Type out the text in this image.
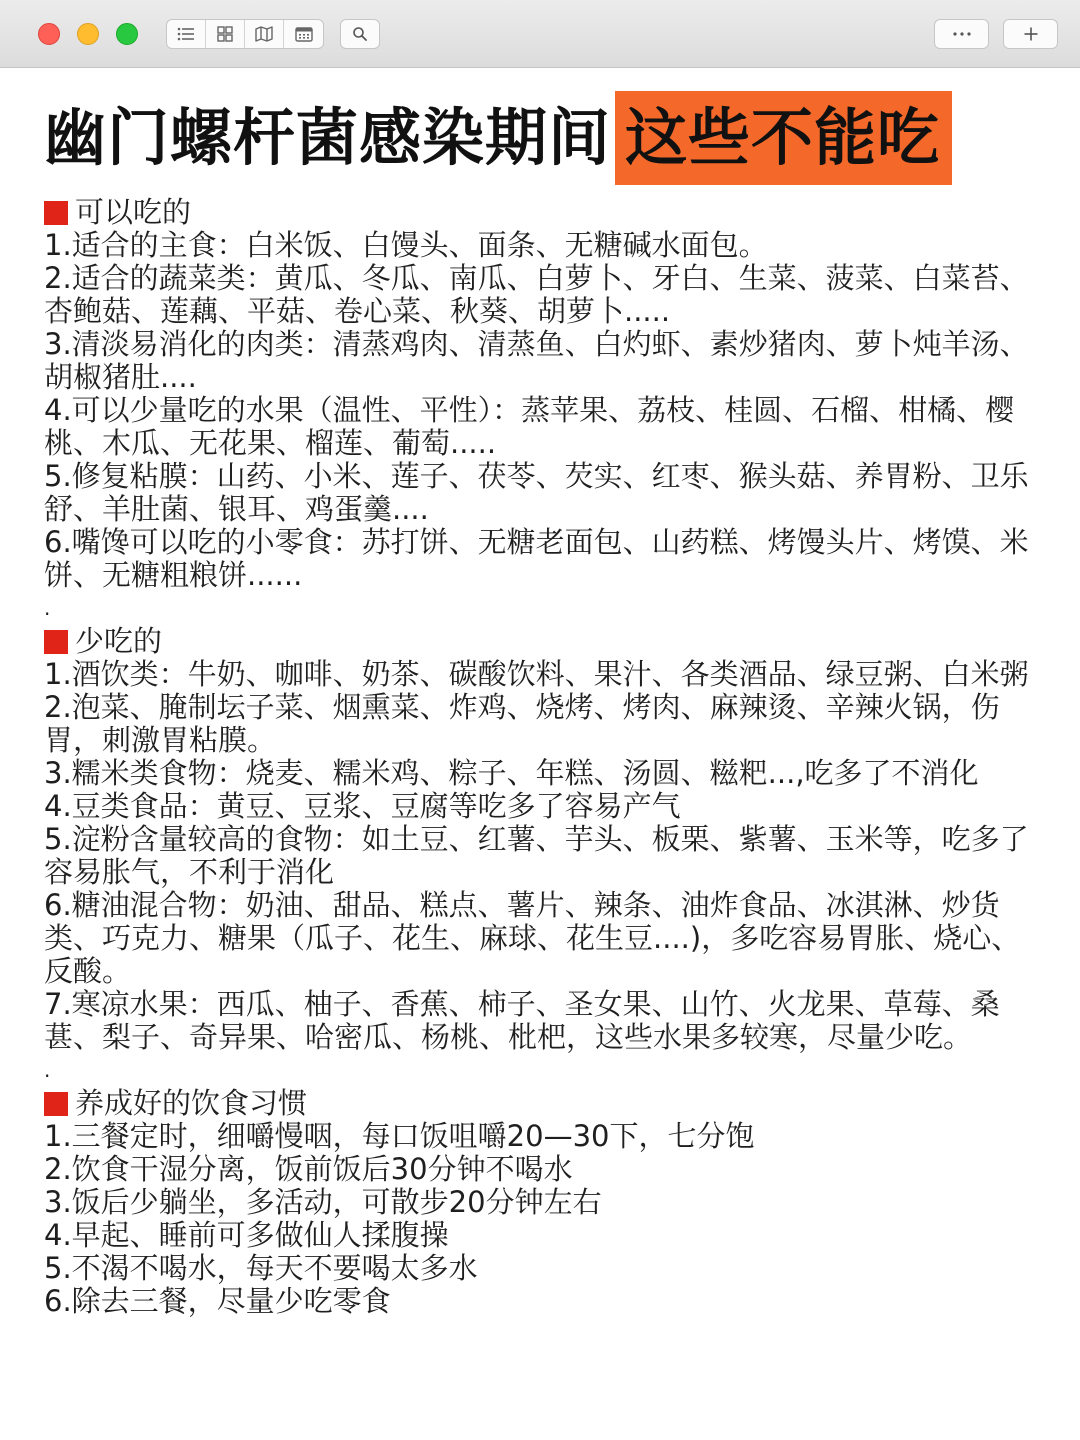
幽门螺杆菌感染期间 这些不能吃
可以吃的
1.适合的主食：白米饭、白馒头、面条、无糖碱水面包。
2.适合的蔬菜类：黄瓜、冬瓜、南瓜、白萝卜、牙白、生菜、菠菜、白菜苔、杏鲍菇、莲藕、平菇、卷心菜、秋葵、胡萝卜.....
3.清淡易消化的肉类：清蒸鸡肉、清蒸鱼、白灼虾、素炒猪肉、萝卜炖羊汤、胡椒猪肚....
4.可以少量吃的水果（温性、平性）：蒸苹果、荔枝、桂圆、石榴、柑橘、樱桃、木瓜、无花果、榴莲、葡萄.....
5.修复粘膜：山药、小米、莲子、茯苓、芡实、红枣、猴头菇、养胃粉、卫乐舒、羊肚菌、银耳、鸡蛋羹....
6.嘴馋可以吃的小零食：苏打饼、无糖老面包、山药糕、烤馒头片、烤馍、米饼、无糖粗粮饼......
.
少吃的
1.酒饮类：牛奶、咖啡、奶茶、碳酸饮料、果汁、各类酒品、绿豆粥、白米粥
2.泡菜、腌制坛子菜、烟熏菜、炸鸡、烧烤、烤肉、麻辣烫、辛辣火锅，伤胃，刺激胃粘膜。
3.糯米类食物：烧麦、糯米鸡、粽子、年糕、汤圆、糍粑...,吃多了不消化
4.豆类食品：黄豆、豆浆、豆腐等吃多了容易产气
5.淀粉含量较高的食物：如土豆、红薯、芋头、板栗、紫薯、玉米等，吃多了容易胀气，不利于消化
6.糖油混合物：奶油、甜品、糕点、薯片、辣条、油炸食品、冰淇淋、炒货类、巧克力、糖果（瓜子、花生、麻球、花生豆....)，多吃容易胃胀、烧心、反酸。
7.寒凉水果：西瓜、柚子、香蕉、柿子、圣女果、山竹、火龙果、草莓、桑葚、梨子、奇异果、哈密瓜、杨桃、枇杷，这些水果多较寒，尽量少吃。
.
养成好的饮食习惯
1.三餐定时，细嚼慢咽，每口饭咀嚼20—30下，七分饱
2.饮食干湿分离，饭前饭后30分钟不喝水
3.饭后少躺坐，多活动，可散步20分钟左右
4.早起、睡前可多做仙人揉腹操
5.不渴不喝水，每天不要喝太多水
6.除去三餐，尽量少吃零食
